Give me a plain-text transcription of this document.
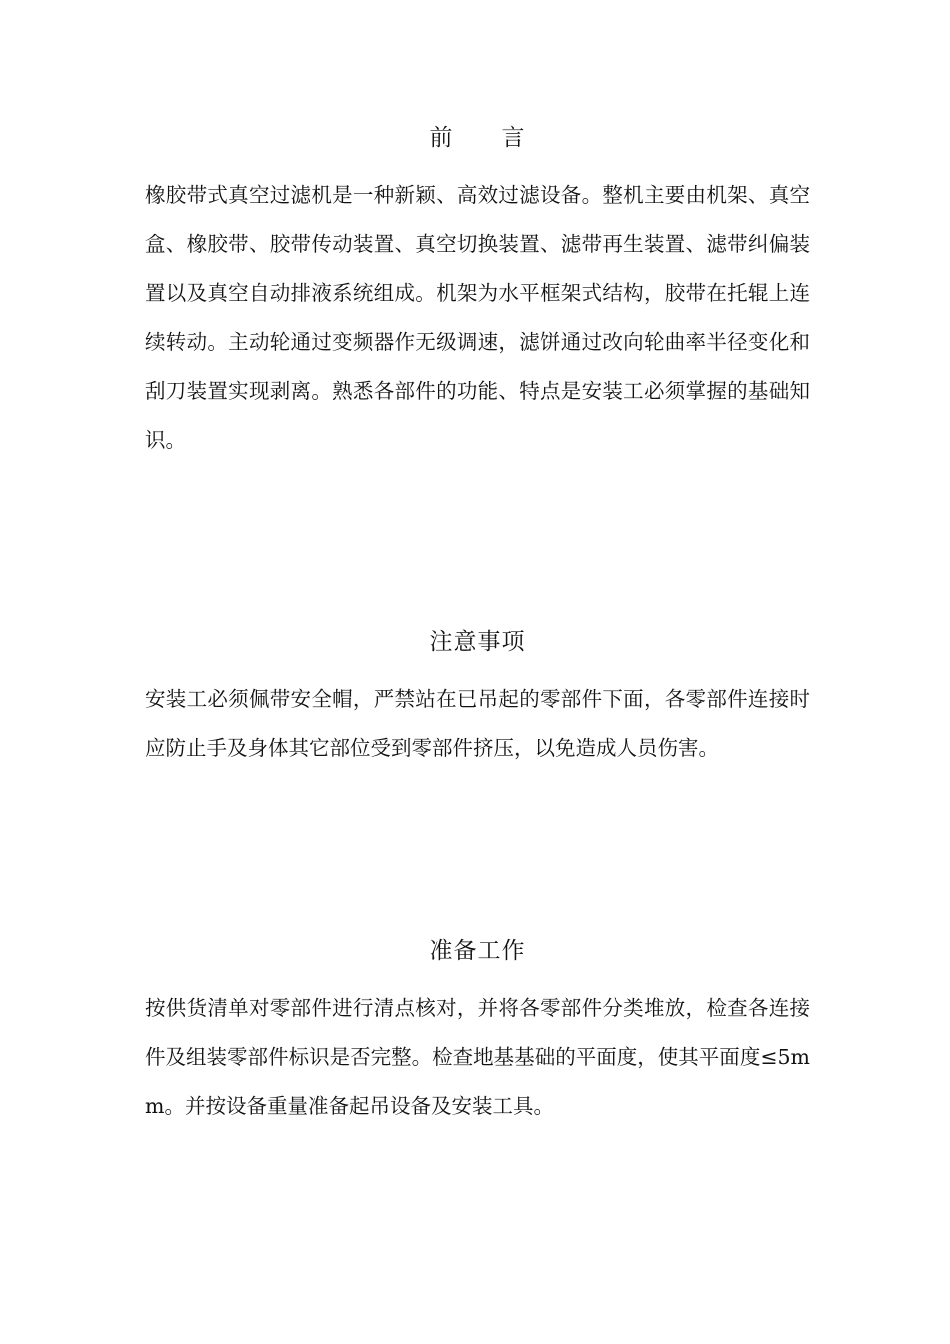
前　　言

橡胶带式真空过滤机是一种新颖、高效过滤设备。整机主要由机架、真空盒、橡胶带、胶带传动装置、真空切换装置、滤带再生装置、滤带纠偏装置以及真空自动排液系统组成。机架为水平框架式结构，胶带在托辊上连续转动。主动轮通过变频器作无级调速，滤饼通过改向轮曲率半径变化和刮刀装置实现剥离。熟悉各部件的功能、特点是安装工必须掌握的基础知识。

注意事项

安装工必须佩带安全帽，严禁站在已吊起的零部件下面，各零部件连接时应防止手及身体其它部位受到零部件挤压，以免造成人员伤害。

准备工作

按供货清单对零部件进行清点核对，并将各零部件分类堆放，检查各连接件及组装零部件标识是否完整。检查地基基础的平面度，使其平面度≤5mm。并按设备重量准备起吊设备及安装工具。
